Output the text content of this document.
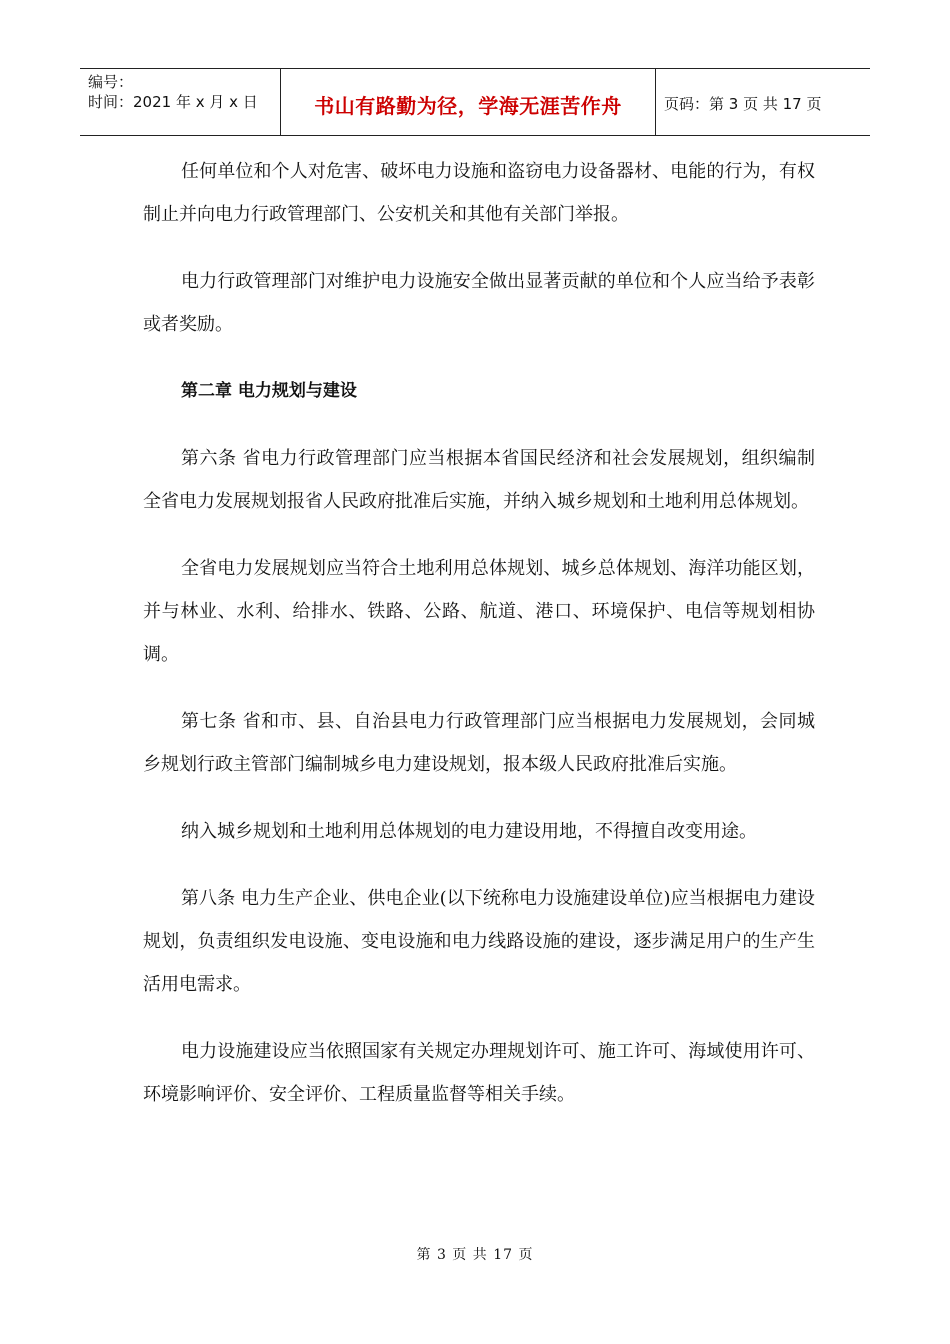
编号：
时间：2021 年 x 月 x 日	书山有路勤为径，学海无涯苦作舟	页码：第 3 页 共 17 页

任何单位和个人对危害、破坏电力设施和盗窃电力设备器材、电能的行为，有权制止并向电力行政管理部门、公安机关和其他有关部门举报。

电力行政管理部门对维护电力设施安全做出显著贡献的单位和个人应当给予表彰或者奖励。

第二章 电力规划与建设

第六条 省电力行政管理部门应当根据本省国民经济和社会发展规划，组织编制全省电力发展规划报省人民政府批准后实施，并纳入城乡规划和土地利用总体规划。

全省电力发展规划应当符合土地利用总体规划、城乡总体规划、海洋功能区划，并与林业、水利、给排水、铁路、公路、航道、港口、环境保护、电信等规划相协调。

第七条 省和市、县、自治县电力行政管理部门应当根据电力发展规划，会同城乡规划行政主管部门编制城乡电力建设规划，报本级人民政府批准后实施。

纳入城乡规划和土地利用总体规划的电力建设用地，不得擅自改变用途。

第八条 电力生产企业、供电企业(以下统称电力设施建设单位)应当根据电力建设规划，负责组织发电设施、变电设施和电力线路设施的建设，逐步满足用户的生产生活用电需求。

电力设施建设应当依照国家有关规定办理规划许可、施工许可、海域使用许可、环境影响评价、安全评价、工程质量监督等相关手续。

第 3 页 共 17 页
